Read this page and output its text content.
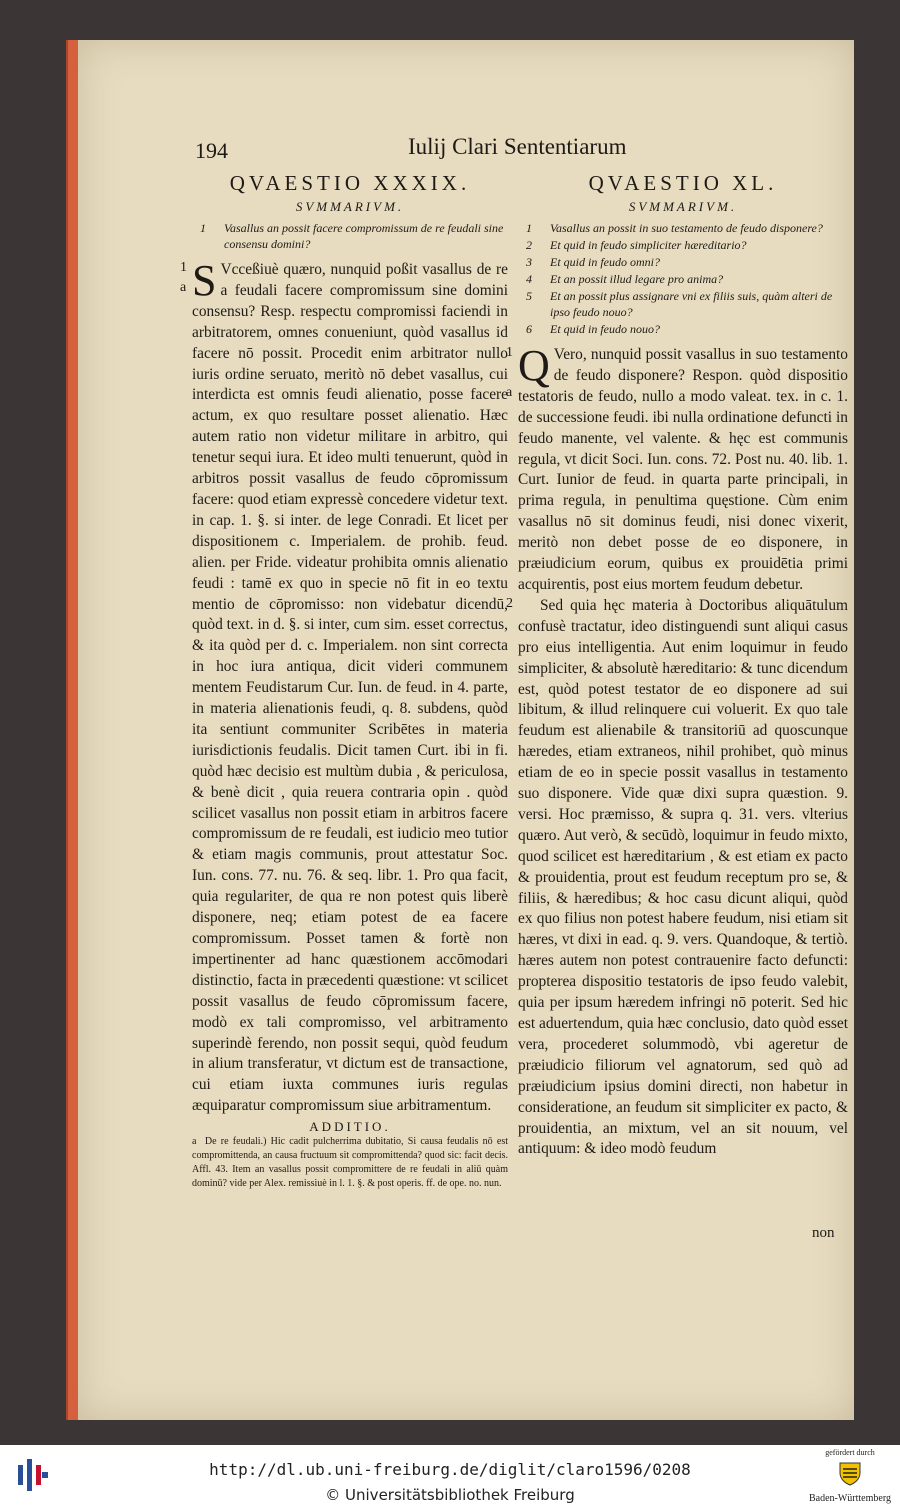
194	Iulij Clari Sententiarum

QVAESTIO XXXIX.

SVMMARIVM.

1	Vasallus an possit facere compromissum de re feudali sine consensu domini?
1
a S Vcceßiuè quæro, nunquid poßit vasallus de re a feudali facere compromissum sine domini consensu? Resp. respectu compromissi faciendi in arbitratorem, omnes conueniunt, quòd vasallus id facere nō possit. Procedit enim arbitrator nullo iuris ordine seruato, meritò nō debet vasallus, cui interdicta est omnis feudi alienatio, posse facere actum, ex quo resultare posset alienatio. Hæc autem ratio non videtur militare in arbitro, qui tenetur sequi iura. Et ideo multi tenuerunt, quòd in arbitros possit vasallus de feudo cōpromissum facere: quod etiam expressè concedere videtur text. in cap. 1. §. si inter. de lege Conradi. Et licet per dispositionem c. Imperialem. de prohib. feud. alien. per Fride. videatur prohibita omnis alienatio feudi : tamē ex quo in specie nō fit in eo textu mentio de cōpromisso: non videbatur dicendū, quòd text. in d. §. si inter, cum sim. esset correctus, & ita quòd per d. c. Imperialem. non sint correcta in hoc iura antiqua, dicit videri communem mentem Feudistarum Cur. Iun. de feud. in 4. parte, in materia alienationis feudi, q. 8. subdens, quòd ita sentiunt communiter Scribētes in materia iurisdictionis feudalis. Dicit tamen Curt. ibi in fi. quòd hæc decisio est multùm dubia , & periculosa, & benè dicit , quia reuera contraria opin . quòd scilicet vasallus non possit etiam in arbitros facere compromissum de re feudali, est iudicio meo tutior & etiam magis communis, prout attestatur Soc. Iun. cons. 77. nu. 76. & seq. libr. 1. Pro qua facit, quia regulariter, de qua re non potest quis liberè disponere, neq; etiam potest de ea facere compromissum. Posset tamen & fortè non impertinenter ad hanc quæstionem accōmodari distinctio, facta in præcedenti quæstione: vt scilicet possit vasallus de feudo cōpromissum facere, modò ex tali compromisso, vel arbitramento superindè ferendo, non possit sequi, quòd feudum in alium transferatur, vt dictum est de transactione, cui etiam iuxta communes iuris regulas æquiparatur compromissum siue arbitramentum.

ADDITIO.

a De re feudali.) Hic cadit pulcherrima dubitatio, Si causa feudalis nō est compromittenda, an causa fructuum sit compromittenda? quod sic: facit decis. Affl. 43. Item an vasallus possit compromittere de re feudali in aliū quàm dominū? vide per Alex. remissiuè in l. 1. §. & post operis. ff. de ope. no. nun.

QVAESTIO XL.

SVMMARIVM.

1	Vasallus an possit in suo testamento de feudo disponere?
2	Et quid in feudo simpliciter hæreditario?
3	Et quid in feudo omni?
4	Et an possit illud legare pro anima?
5	Et an possit plus assignare vni ex filiis suis, quàm alteri de ipso feudo nouo?
6	Et quid in feudo nouo?
1
a

Q Vero, nunquid possit vasallus in suo testamento de feudo disponere? Respon. quòd dispositio testatoris de feudo, nullo a modo valeat. tex. in c. 1. de successione feudi. ibi nulla ordinatione defuncti in feudo manente, vel valente. & hęc est communis regula, vt dicit Soci. Iun. cons. 72. Post nu. 40. lib. 1. Curt. Iunior de feud. in quarta parte principali, in prima regula, in penultima quęstione. Cùm enim vasallus nō sit dominus feudi, nisi donec vixerit, meritò non debet posse de eo disponere, in præiudicium eorum, quibus ex prouidētia primi acquirentis, post eius mortem feudum debetur.

2	Sed quia hęc materia à Doctoribus aliquātulum confusè tractatur, ideo distinguendi sunt aliqui casus pro eius intelligentia. Aut enim loquimur in feudo simpliciter, & absolutè hæreditario: & tunc dicendum est, quòd potest testator de eo disponere ad sui libitum, & illud relinquere cui voluerit. Ex quo tale feudum est alienabile & transitoriū ad quoscunque hæredes, etiam extraneos, nihil prohibet, quò minus etiam de eo in specie possit vasallus in testamento suo disponere. Vide quæ dixi supra quæstion. 9. versi. Hoc præmisso, & supra q. 31. vers. vlterius quæro. Aut verò, & secūdò, loquimur in feudo mixto, quod scilicet est hæreditarium , & est etiam ex pacto & prouidentia, prout est feudum receptum pro se, & filiis, & hæredibus; & hoc casu dicunt aliqui, quòd ex quo filius non potest habere feudum, nisi etiam sit hæres, vt dixi in ead. q. 9. vers. Quandoque, & tertiò. hæres autem non potest contrauenire facto defuncti: propterea dispositio testatoris de ipso feudo valebit, quia per ipsum hæredem infringi nō poterit. Sed hic est aduertendum, quia hæc conclusio, dato quòd esset vera, procederet solummodò, vbi ageretur de præiudicio filiorum vel agnatorum, sed quò ad præiudicium ipsius domini directi, non habetur in consideratione, an feudum sit simpliciter ex pacto, & prouidentia, an mixtum, vel an sit nouum, vel antiquum: & ideo modò feudum

non
http://dl.ub.uni-freiburg.de/diglit/claro1596/0208
© Universitätsbibliothek Freiburg
gefördert durch
Baden-Württemberg
